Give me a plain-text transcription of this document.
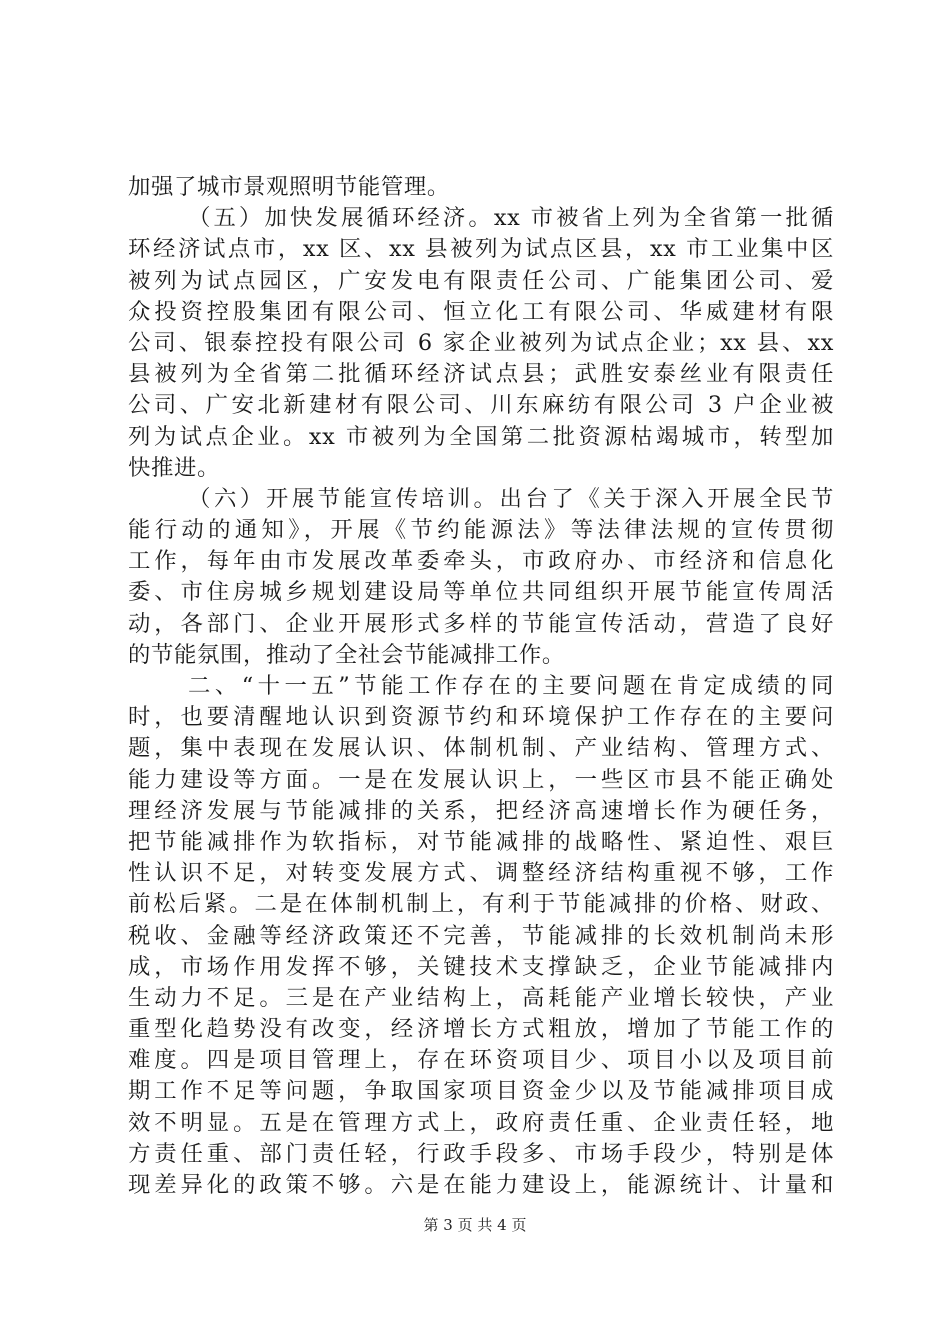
加强了城市景观照明节能管理。
（五）加快发展循环经济。xx 市被省上列为全省第一批循
环经济试点市，xx 区、xx 县被列为试点区县，xx 市工业集中区
被列为试点园区，广安发电有限责任公司、广能集团公司、爱
众投资控股集团有限公司、恒立化工有限公司、华威建材有限
公司、银泰控投有限公司 6 家企业被列为试点企业；xx 县、xx
县被列为全省第二批循环经济试点县；武胜安泰丝业有限责任
公司、广安北新建材有限公司、川东麻纺有限公司 3 户企业被
列为试点企业。xx 市被列为全国第二批资源枯竭城市，转型加
快推进。
（六）开展节能宣传培训。出台了《关于深入开展全民节
能行动的通知》，开展《节约能源法》等法律法规的宣传贯彻
工作，每年由市发展改革委牵头，市政府办、市经济和信息化
委、市住房城乡规划建设局等单位共同组织开展节能宣传周活
动，各部门、企业开展形式多样的节能宣传活动，营造了良好
的节能氛围，推动了全社会节能减排工作。
二、“十一五”节能工作存在的主要问题在肯定成绩的同
时，也要清醒地认识到资源节约和环境保护工作存在的主要问
题，集中表现在发展认识、体制机制、产业结构、管理方式、
能力建设等方面。一是在发展认识上，一些区市县不能正确处
理经济发展与节能减排的关系，把经济高速增长作为硬任务，
把节能减排作为软指标，对节能减排的战略性、紧迫性、艰巨
性认识不足，对转变发展方式、调整经济结构重视不够，工作
前松后紧。二是在体制机制上，有利于节能减排的价格、财政、
税收、金融等经济政策还不完善，节能减排的长效机制尚未形
成，市场作用发挥不够，关键技术支撑缺乏，企业节能减排内
生动力不足。三是在产业结构上，高耗能产业增长较快，产业
重型化趋势没有改变，经济增长方式粗放，增加了节能工作的
难度。四是项目管理上，存在环资项目少、项目小以及项目前
期工作不足等问题，争取国家项目资金少以及节能减排项目成
效不明显。五是在管理方式上，政府责任重、企业责任轻，地
方责任重、部门责任轻，行政手段多、市场手段少，特别是体
现差异化的政策不够。六是在能力建设上，能源统计、计量和
第 3 页 共 4 页
